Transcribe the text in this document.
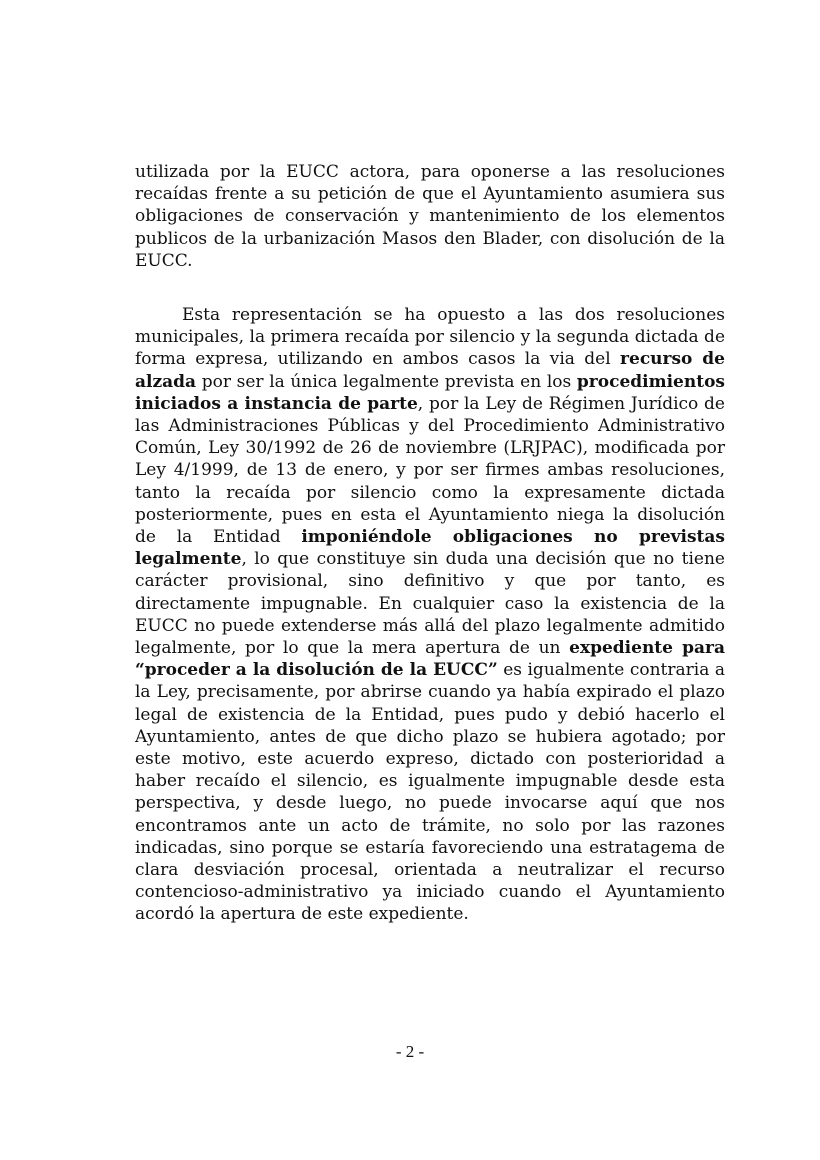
utilizada por la EUCC actora, para oponerse a las resoluciones recaídas frente a su petición de que el Ayuntamiento asumiera sus obligaciones de conservación y mantenimiento de los elementos publicos de la urbanización Masos den Blader, con disolución de la EUCC.

Esta representación se ha opuesto a las dos resoluciones municipales, la primera recaída por silencio y la segunda dictada de forma expresa, utilizando en ambos casos la via del recurso de alzada por ser la única legalmente prevista en los procedimientos iniciados a instancia de parte, por la Ley de Régimen Jurídico de las Administraciones Públicas y del Procedimiento Administrativo Común, Ley 30/1992 de 26 de noviembre (LRJPAC), modificada por Ley 4/1999, de 13 de enero, y por ser firmes ambas resoluciones, tanto la recaída por silencio como la expresamente dictada posteriormente, pues en esta el Ayuntamiento niega la disolución de la Entidad imponiéndole obligaciones no previstas legalmente, lo que constituye sin duda una decisión que no tiene carácter provisional, sino definitivo y que por tanto, es directamente impugnable. En cualquier caso la existencia de la EUCC no puede extenderse más allá del plazo legalmente admitido legalmente, por lo que la mera apertura de un expediente para “proceder a la disolución de la EUCC” es igualmente contraria a la Ley, precisamente, por abrirse cuando ya había expirado el plazo legal de existencia de la Entidad, pues pudo y debió hacerlo el Ayuntamiento, antes de que dicho plazo se hubiera agotado; por este motivo, este acuerdo expreso, dictado con posterioridad a haber recaído el silencio, es igualmente impugnable desde esta perspectiva, y desde luego, no puede invocarse aquí que nos encontramos ante un acto de trámite, no solo por las razones indicadas, sino porque se estaría favoreciendo una estratagema de clara desviación procesal, orientada a neutralizar el recurso contencioso-administrativo ya iniciado cuando el Ayuntamiento acordó la apertura de este expediente.

- 2 -
